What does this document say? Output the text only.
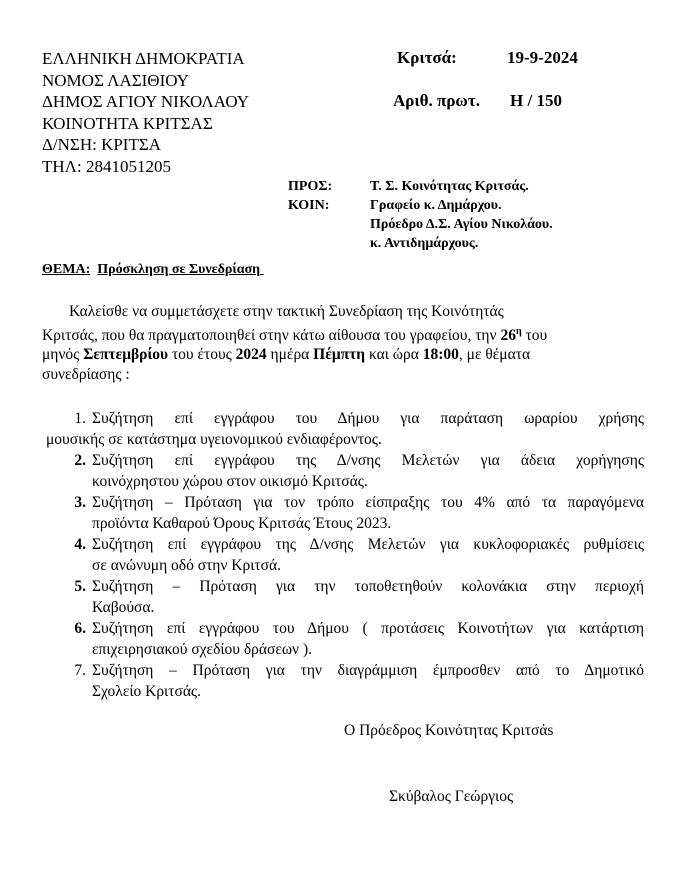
ΕΛΛΗΝΙΚΗ ΔΗΜΟΚΡΑΤΙΑ
ΝΟΜΟΣ ΛΑΣΙΘΙΟΥ
ΔΗΜΟΣ ΑΓΙΟΥ ΝΙΚΟΛΑΟΥ
ΚΟΙΝΟΤΗΤΑ ΚΡΙΤΣΑΣ
Δ/ΝΣΗ: ΚΡΙΤΣΑ
ΤΗΛ: 2841051205
Κριτσά:	19-9-2024
Αριθ. πρωτ. Η / 150
ΠΡΟΣ:	Τ. Σ. Κοινότητας Κριτσάς.
ΚΟΙΝ:	Γραφείο κ. Δημάρχου.
Πρόεδρο Δ.Σ. Αγίου Νικολάου.
κ. Αντιδημάρχους.
ΘΕΜΑ: Πρόσκληση σε Συνεδρίαση
Καλείσθε να συμμετάσχετε στην τακτική Συνεδρίαση της Κοινότητάς
Κριτσάς, που θα πραγματοποιηθεί στην κάτω αίθουσα του γραφείου, την $26^\eta$ του
μηνός Σεπτεμβρίου του έτους 2024 ημέρα Πέμπτη και ώρα 18:00, με θέματα
συνεδρίασης :
1. Συζήτηση επί εγγράφου του Δήμου για παράταση ωραρίου χρήσης
μουσικής σε κατάστημα υγειονομικού ενδιαφέροντος.
2. Συζήτηση επί εγγράφου της Δ/νσης Μελετών για άδεια χορήγησης
κοινόχρηστου χώρου στον οικισμό Κριτσάς.
3. Συζήτηση – Πρόταση για τον τρόπο είσπραξης του 4% από τα παραγόμενα
προϊόντα Καθαρού Όρους Κριτσάς Έτους 2023.
4. Συζήτηση επί εγγράφου της Δ/νσης Μελετών για κυκλοφοριακές ρυθμίσεις
σε ανώνυμη οδό στην Κριτσά.
5. Συζήτηση – Πρόταση για την τοποθετηθούν κολονάκια στην περιοχή
Καβούσα.
6. Συζήτηση επί εγγράφου του Δήμου ( προτάσεις Κοινοτήτων για κατάρτιση
επιχειρησιακού σχεδίου δράσεων ).
7. Συζήτηση – Πρόταση για την διαγράμμιση έμπροσθεν από το Δημοτικό
Σχολείο Κριτσάς.
Ο Πρόεδρος Κοινότητας Κριτσάs
Σκύβαλος Γεώργιος
